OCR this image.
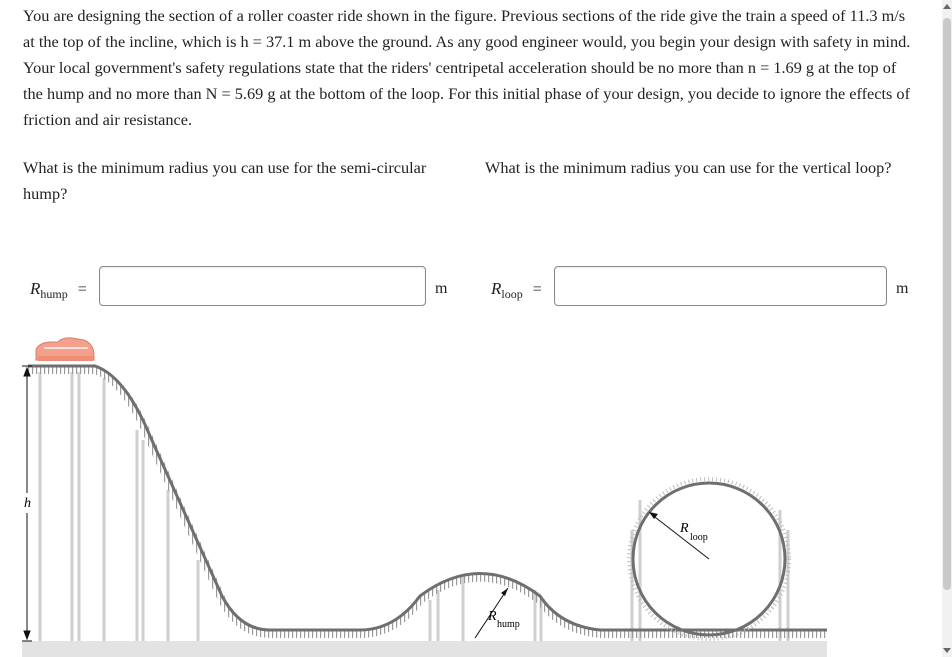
You are designing the section of a roller coaster ride shown in the figure. Previous sections of the ride give the train a speed of 11.3 m/s at the top of the incline, which is h = 37.1 m above the ground. As any good engineer would, you begin your design with safety in mind. Your local government's safety regulations state that the riders' centripetal acceleration should be no more than n = 1.69 g at the top of the hump and no more than N = 5.69 g at the bottom of the loop. For this initial phase of your design, you decide to ignore the effects of friction and air resistance.
What is the minimum radius you can use for the semi-circular hump?
What is the minimum radius you can use for the vertical loop?
$R_{hump}$ =	m	$R_{loop}$ =	m
R
hump
R
loop
h
